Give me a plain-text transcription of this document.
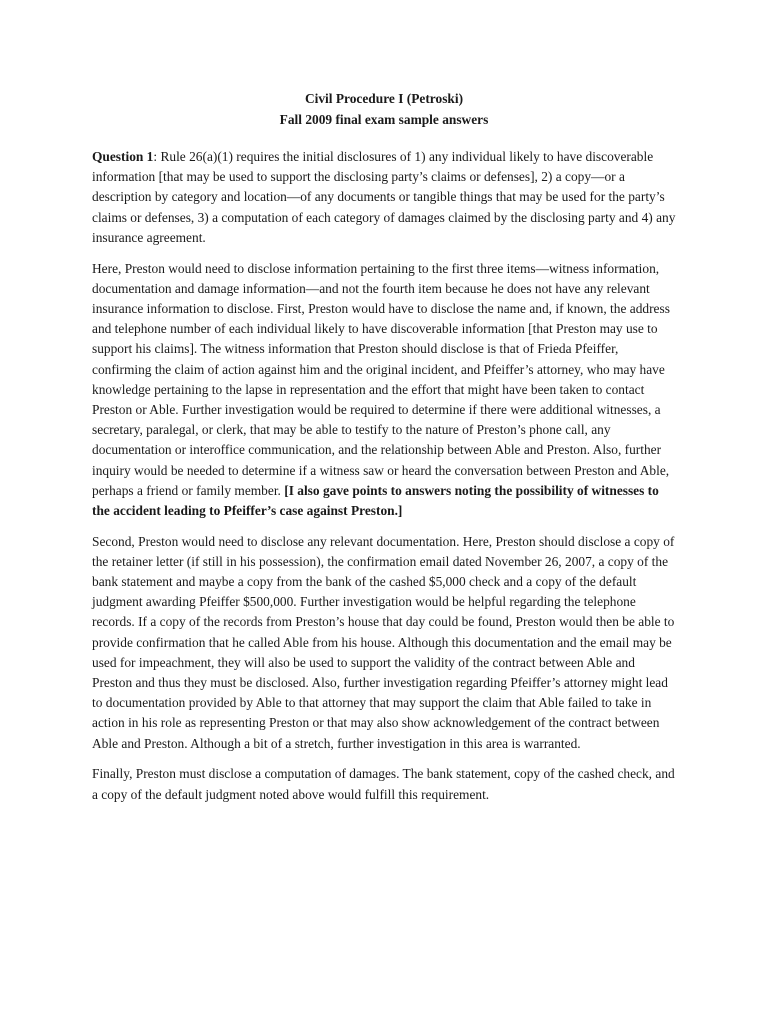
Civil Procedure I (Petroski)

Fall 2009 final exam sample answers

Question 1: Rule 26(a)(1) requires the initial disclosures of 1) any individual likely to have discoverable information [that may be used to support the disclosing party’s claims or defenses], 2) a copy—or a description by category and location—of any documents or tangible things that may be used for the party’s claims or defenses, 3) a computation of each category of damages claimed by the disclosing party and 4) any insurance agreement.

Here, Preston would need to disclose information pertaining to the first three items—witness information, documentation and damage information—and not the fourth item because he does not have any relevant insurance information to disclose. First, Preston would have to disclose the name and, if known, the address and telephone number of each individual likely to have discoverable information [that Preston may use to support his claims]. The witness information that Preston should disclose is that of Frieda Pfeiffer, confirming the claim of action against him and the original incident, and Pfeiffer’s attorney, who may have knowledge pertaining to the lapse in representation and the effort that might have been taken to contact Preston or Able. Further investigation would be required to determine if there were additional witnesses, a secretary, paralegal, or clerk, that may be able to testify to the nature of Preston’s phone call, any documentation or interoffice communication, and the relationship between Able and Preston. Also, further inquiry would be needed to determine if a witness saw or heard the conversation between Preston and Able, perhaps a friend or family member. [I also gave points to answers noting the possibility of witnesses to the accident leading to Pfeiffer’s case against Preston.]

Second, Preston would need to disclose any relevant documentation. Here, Preston should disclose a copy of the retainer letter (if still in his possession), the confirmation email dated November 26, 2007, a copy of the bank statement and maybe a copy from the bank of the cashed $5,000 check and a copy of the default judgment awarding Pfeiffer $500,000. Further investigation would be helpful regarding the telephone records. If a copy of the records from Preston’s house that day could be found, Preston would then be able to provide confirmation that he called Able from his house. Although this documentation and the email may be used for impeachment, they will also be used to support the validity of the contract between Able and Preston and thus they must be disclosed. Also, further investigation regarding Pfeiffer’s attorney might lead to documentation provided by Able to that attorney that may support the claim that Able failed to take in action in his role as representing Preston or that may also show acknowledgement of the contract between Able and Preston. Although a bit of a stretch, further investigation in this area is warranted.

Finally, Preston must disclose a computation of damages. The bank statement, copy of the cashed check, and a copy of the default judgment noted above would fulfill this requirement.
